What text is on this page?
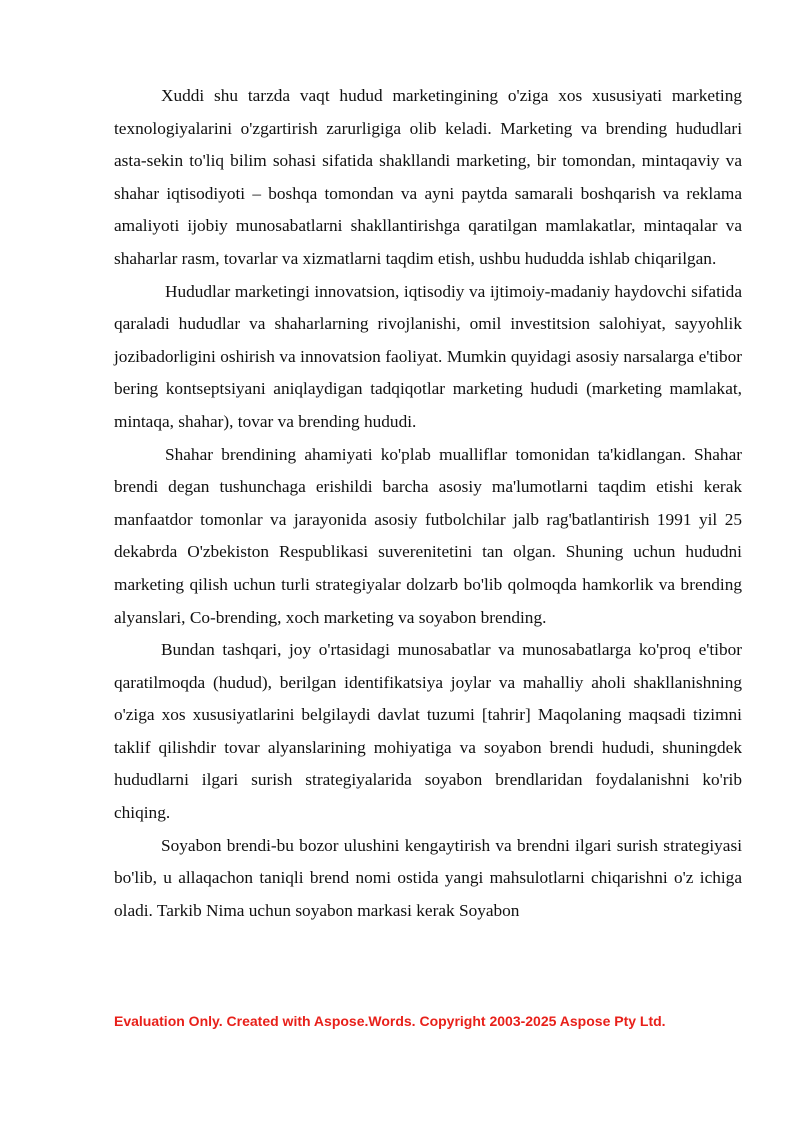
Xuddi shu tarzda vaqt hudud marketingining o'ziga xos xususiyati marketing texnologiyalarini o'zgartirish zarurligiga olib keladi. Marketing va brending hududlari asta-sekin to'liq bilim sohasi sifatida shakllandi marketing, bir tomondan, mintaqaviy va shahar iqtisodiyoti – boshqa tomondan va ayni paytda samarali boshqarish va reklama amaliyoti ijobiy munosabatlarni shakllantirishga qaratilgan mamlakatlar, mintaqalar va shaharlar rasm, tovarlar va xizmatlarni taqdim etish, ushbu hududda ishlab chiqarilgan.

Hududlar marketingi innovatsion, iqtisodiy va ijtimoiy-madaniy haydovchi sifatida qaraladi hududlar va shaharlarning rivojlanishi, omil investitsion salohiyat, sayyohlik jozibadorligini oshirish va innovatsion faoliyat. Mumkin quyidagi asosiy narsalarga e'tibor bering kontseptsiyani aniqlaydigan tadqiqotlar marketing hududi (marketing mamlakat, mintaqa, shahar), tovar va brending hududi.

Shahar brendining ahamiyati ko'plab mualliflar tomonidan ta'kidlangan. Shahar brendi degan tushunchaga erishildi barcha asosiy ma'lumotlarni taqdim etishi kerak manfaatdor tomonlar va jarayonida asosiy futbolchilar jalb rag'batlantirish 1991 yil 25 dekabrda O'zbekiston Respublikasi suverenitetini tan olgan. Shuning uchun hududni marketing qilish uchun turli strategiyalar dolzarb bo'lib qolmoqda hamkorlik va brending alyanslari, Co-brending, xoch marketing va soyabon brending.

Bundan tashqari, joy o'rtasidagi munosabatlar va munosabatlarga ko'proq e'tibor qaratilmoqda (hudud), berilgan identifikatsiya joylar va mahalliy aholi shakllanishning o'ziga xos xususiyatlarini belgilaydi davlat tuzumi [tahrir] Maqolaning maqsadi tizimni taklif qilishdir tovar alyanslarining mohiyatiga va soyabon brendi hududi, shuningdek hududlarni ilgari surish strategiyalarida soyabon brendlaridan foydalanishni ko'rib chiqing.

Soyabon brendi-bu bozor ulushini kengaytirish va brendni ilgari surish strategiyasi bo'lib, u allaqachon taniqli brend nomi ostida yangi mahsulotlarni chiqarishni o'z ichiga oladi. Tarkib Nima uchun soyabon markasi kerak Soyabon

Evaluation Only. Created with Aspose.Words. Copyright 2003-2025 Aspose Pty Ltd.
